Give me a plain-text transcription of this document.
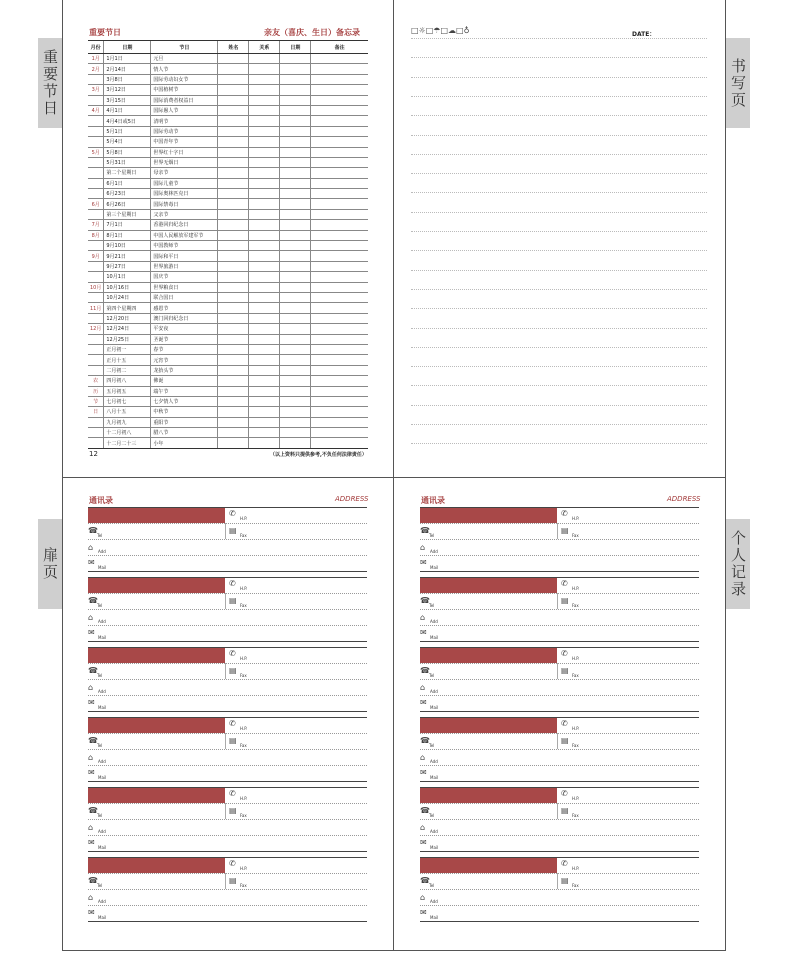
重要节日	书写页
扉页	个人记录
重要节日	亲友（喜庆、生日）备忘录
月份	日期	节日	姓名	关系	日期	备注
1月	1月1日	元旦				
2月	2月14日	情人节				
	3月8日	国际劳动妇女节				
3月	3月12日	中国植树节				
	3月15日	国际消费者权益日				
4月	4月1日	国际愚人节				
	4月4日或5日	清明节				
	5月1日	国际劳动节				
	5月4日	中国青年节				
5月	5月8日	世界红十字日				
	5月31日	世界无烟日				
	第二个星期日	母亲节				
	6月1日	国际儿童节				
	6月23日	国际奥林匹克日				
6月	6月26日	国际禁毒日				
	第三个星期日	父亲节				
7月	7月1日	香港回归纪念日				
8月	8月1日	中国人民解放军建军节				
	9月10日	中国教师节				
9月	9月21日	国际和平日				
	9月27日	世界旅游日				
	10月1日	国庆节				
10月	10月16日	世界粮食日				
	10月24日	联合国日				
11月	第四个星期四	感恩节				
	12月20日	澳门回归纪念日				
12月	12月24日	平安夜				
	12月25日	圣诞节				
	正月初一	春节				
	正月十五	元宵节				
	二月初二	龙抬头节				
农	四月初八	佛诞				
历	五月初五	端午节				
节	七月初七	七夕情人节				
日	八月十五	中秋节				
	九月初九	重阳节				
	十二月初八	腊八节				
	十二月二十三	小年				
12	（以上资料只提供参考,不负任何法律责任）
□☼□☂□☁□♁	DATE：
通讯录	ADDRESS	通讯录	ADDRESS
✆
H.P.
☎
Tel
▤
Fax
⌂ Add
✉
Mail
✆
H.P.
☎
Tel
▤
Fax
⌂ Add
✉
Mail
✆
H.P.
☎
Tel
▤
Fax
⌂ Add
✉
Mail
✆
H.P.
☎
Tel
▤
Fax
⌂ Add
✉
Mail
✆
H.P.
☎
Tel
▤
Fax
⌂ Add
✉
Mail
✆
H.P.
☎
Tel
▤
Fax
⌂ Add
✉
Mail
✆
H.P.
☎
Tel
▤
Fax
⌂ Add
✉
Mail
✆
H.P.
☎
Tel
▤
Fax
⌂ Add
✉
Mail
✆
H.P.
☎
Tel
▤
Fax
⌂ Add
✉
Mail
✆
H.P.
☎
Tel
▤
Fax
⌂ Add
✉
Mail
✆
H.P.
☎
Tel
▤
Fax
⌂ Add
✉
Mail
✆
H.P.
☎
Tel
▤
Fax
⌂ Add
✉
Mail
